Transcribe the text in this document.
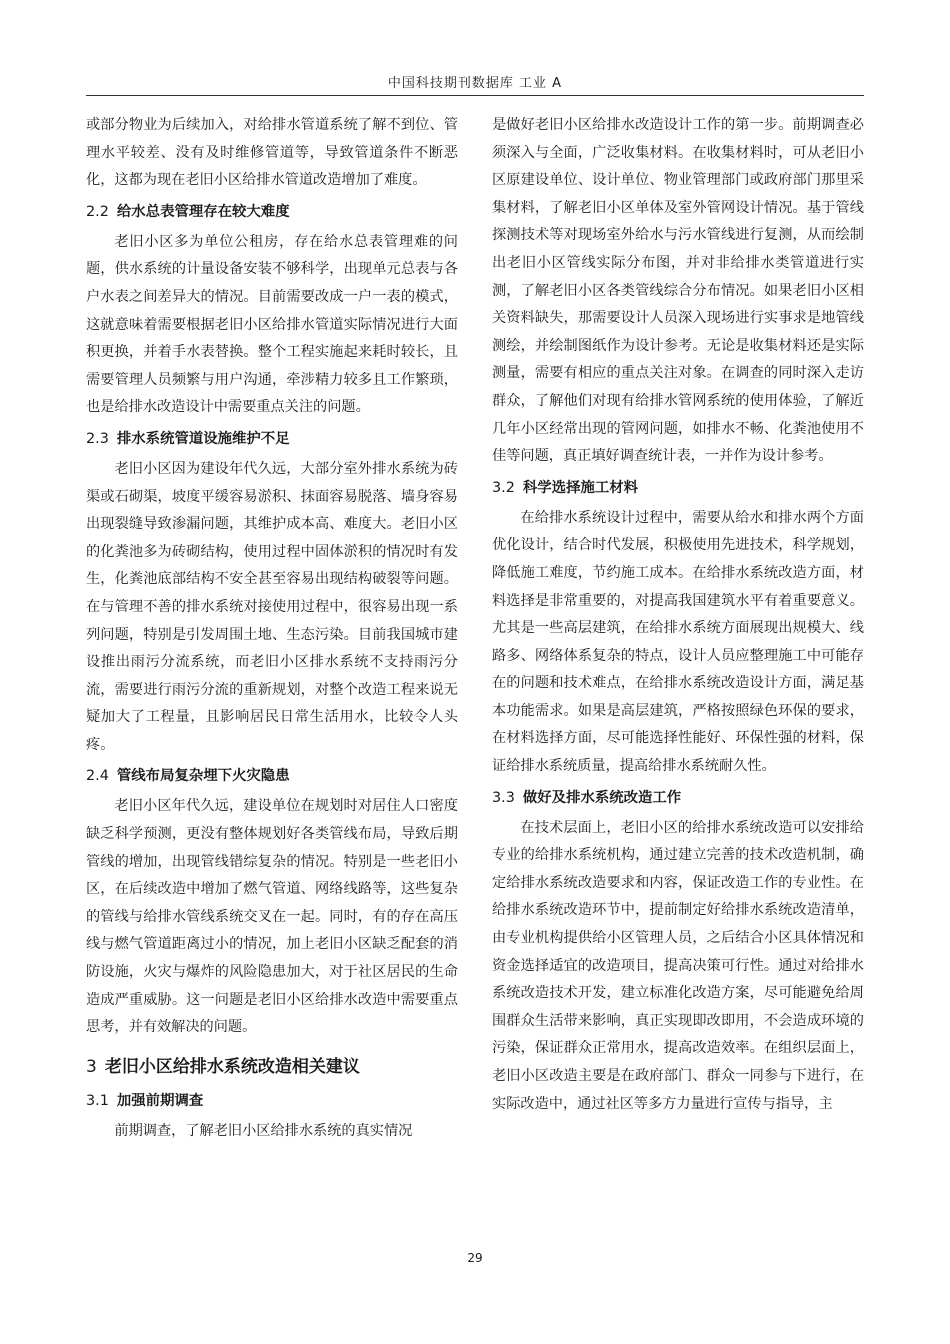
中国科技期刊数据库 工业 A

或部分物业为后续加入，对给排水管道系统了解不到位、管理水平较差、没有及时维修管道等，导致管道条件不断恶化，这都为现在老旧小区给排水管道改造增加了难度。

2.2 给水总表管理存在较大难度

老旧小区多为单位公租房，存在给水总表管理难的问题，供水系统的计量设备安装不够科学，出现单元总表与各户水表之间差异大的情况。目前需要改成一户一表的模式，这就意味着需要根据老旧小区给排水管道实际情况进行大面积更换，并着手水表替换。整个工程实施起来耗时较长，且需要管理人员频繁与用户沟通，牵涉精力较多且工作繁琐，也是给排水改造设计中需要重点关注的问题。

2.3 排水系统管道设施维护不足

老旧小区因为建设年代久远，大部分室外排水系统为砖渠或石砌渠，坡度平缓容易淤积、抹面容易脱落、墙身容易出现裂缝导致渗漏问题，其维护成本高、难度大。老旧小区的化粪池多为砖砌结构，使用过程中固体淤积的情况时有发生，化粪池底部结构不安全甚至容易出现结构破裂等问题。在与管理不善的排水系统对接使用过程中，很容易出现一系列问题，特别是引发周围土地、生态污染。目前我国城市建设推出雨污分流系统，而老旧小区排水系统不支持雨污分流，需要进行雨污分流的重新规划，对整个改造工程来说无疑加大了工程量，且影响居民日常生活用水，比较令人头疼。

2.4 管线布局复杂埋下火灾隐患

老旧小区年代久远，建设单位在规划时对居住人口密度缺乏科学预测，更没有整体规划好各类管线布局，导致后期管线的增加，出现管线错综复杂的情况。特别是一些老旧小区，在后续改造中增加了燃气管道、网络线路等，这些复杂的管线与给排水管线系统交叉在一起。同时，有的存在高压线与燃气管道距离过小的情况，加上老旧小区缺乏配套的消防设施，火灾与爆炸的风险隐患加大，对于社区居民的生命造成严重威胁。这一问题是老旧小区给排水改造中需要重点思考，并有效解决的问题。

3 老旧小区给排水系统改造相关建议
3.1 加强前期调查

前期调查，了解老旧小区给排水系统的真实情况

是做好老旧小区给排水改造设计工作的第一步。前期调查必须深入与全面，广泛收集材料。在收集材料时，可从老旧小区原建设单位、设计单位、物业管理部门或政府部门那里采集材料，了解老旧小区单体及室外管网设计情况。基于管线探测技术等对现场室外给水与污水管线进行复测，从而绘制出老旧小区管线实际分布图，并对非给排水类管道进行实测，了解老旧小区各类管线综合分布情况。如果老旧小区相关资料缺失，那需要设计人员深入现场进行实事求是地管线测绘，并绘制图纸作为设计参考。无论是收集材料还是实际测量，需要有相应的重点关注对象。在调查的同时深入走访群众，了解他们对现有给排水管网系统的使用体验，了解近几年小区经常出现的管网问题，如排水不畅、化粪池使用不佳等问题，真正填好调查统计表，一并作为设计参考。

3.2 科学选择施工材料

在给排水系统设计过程中，需要从给水和排水两个方面优化设计，结合时代发展，积极使用先进技术，科学规划，降低施工难度，节约施工成本。在给排水系统改造方面，材料选择是非常重要的，对提高我国建筑水平有着重要意义。尤其是一些高层建筑，在给排水系统方面展现出规模大、线路多、网络体系复杂的特点，设计人员应整理施工中可能存在的问题和技术难点，在给排水系统改造设计方面，满足基本功能需求。如果是高层建筑，严格按照绿色环保的要求，在材料选择方面，尽可能选择性能好、环保性强的材料，保证给排水系统质量，提高给排水系统耐久性。

3.3 做好及排水系统改造工作

在技术层面上，老旧小区的给排水系统改造可以安排给专业的给排水系统机构，通过建立完善的技术改造机制，确定给排水系统改造要求和内容，保证改造工作的专业性。在给排水系统改造环节中，提前制定好给排水系统改造清单，由专业机构提供给小区管理人员，之后结合小区具体情况和资金选择适宜的改造项目，提高决策可行性。通过对给排水系统改造技术开发，建立标准化改造方案，尽可能避免给周围群众生活带来影响，真正实现即改即用，不会造成环境的污染，保证群众正常用水，提高改造效率。在组织层面上，老旧小区改造主要是在政府部门、群众一同参与下进行，在实际改造中，通过社区等多方力量进行宣传与指导，主

29
